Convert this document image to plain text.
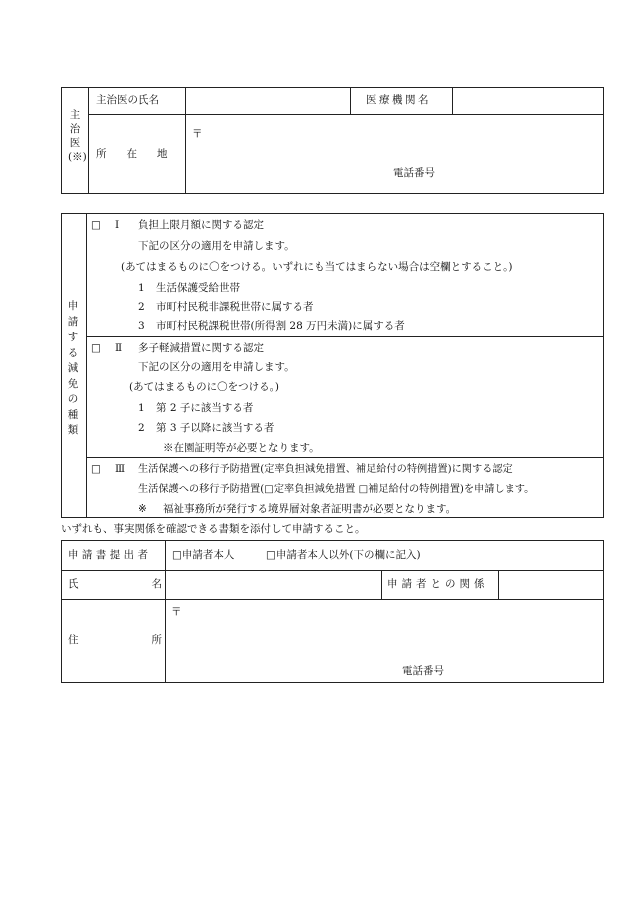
主治医(※)
主治医の氏名	医療機関名
所在地
〒
電話番号
申請する減免の種類
□ Ⅰ 負担上限月額に関する認定
下記の区分の適用を申請します。
(あてはまるものに〇をつける。いずれにも当てはまらない場合は空欄とすること。)
1 生活保護受給世帯
2 市町村民税非課税世帯に属する者
3 市町村民税課税世帯(所得割 28 万円未満)に属する者
□ Ⅱ 多子軽減措置に関する認定
下記の区分の適用を申請します。
(あてはまるものに〇をつける。)
1 第 2 子に該当する者
2 第 3 子以降に該当する者
※在園証明等が必要となります。
□ Ⅲ 生活保護への移行予防措置(定率負担減免措置、補足給付の特例措置)に関する認定
生活保護への移行予防措置(□定率負担減免措置 □補足給付の特例措置)を申請します。
※ 福祉事務所が発行する境界層対象者証明書が必要となります。
いずれも、事実関係を確認できる書類を添付して申請すること。
申請書提出者 □申請者本人	□申請者本人以外(下の欄に記入)
氏名	申請者との関係
住所
〒
電話番号
